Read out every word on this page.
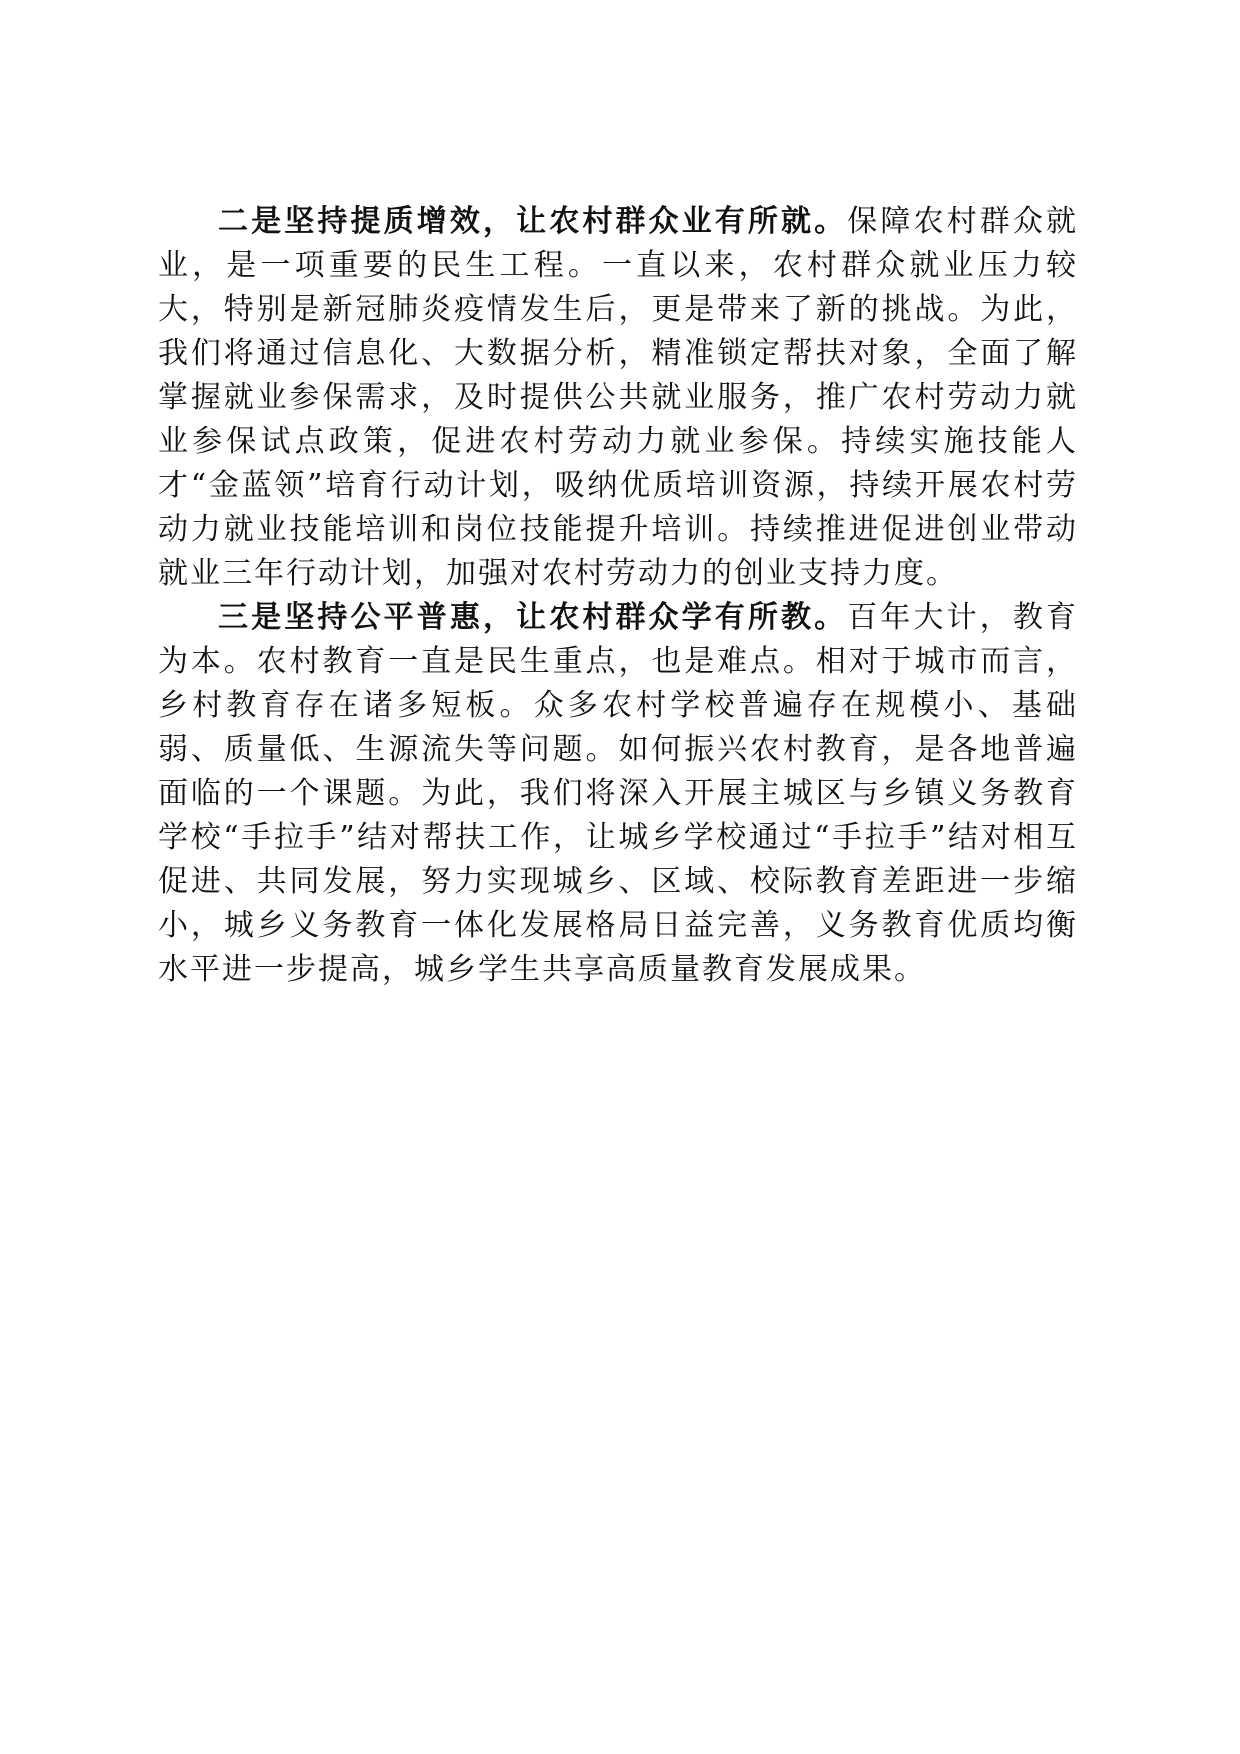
二是坚持提质增效，让农村群众业有所就。保障农村群众就业，是一项重要的民生工程。一直以来，农村群众就业压力较大，特别是新冠肺炎疫情发生后，更是带来了新的挑战。为此，我们将通过信息化、大数据分析，精准锁定帮扶对象，全面了解掌握就业参保需求，及时提供公共就业服务，推广农村劳动力就业参保试点政策，促进农村劳动力就业参保。持续实施技能人才“金蓝领”培育行动计划，吸纳优质培训资源，持续开展农村劳动力就业技能培训和岗位技能提升培训。持续推进促进创业带动就业三年行动计划，加强对农村劳动力的创业支持力度。

三是坚持公平普惠，让农村群众学有所教。百年大计，教育为本。农村教育一直是民生重点，也是难点。相对于城市而言，乡村教育存在诸多短板。众多农村学校普遍存在规模小、基础弱、质量低、生源流失等问题。如何振兴农村教育，是各地普遍面临的一个课题。为此，我们将深入开展主城区与乡镇义务教育学校“手拉手”结对帮扶工作，让城乡学校通过“手拉手”结对相互促进、共同发展，努力实现城乡、区域、校际教育差距进一步缩小，城乡义务教育一体化发展格局日益完善，义务教育优质均衡水平进一步提高，城乡学生共享高质量教育发展成果。
